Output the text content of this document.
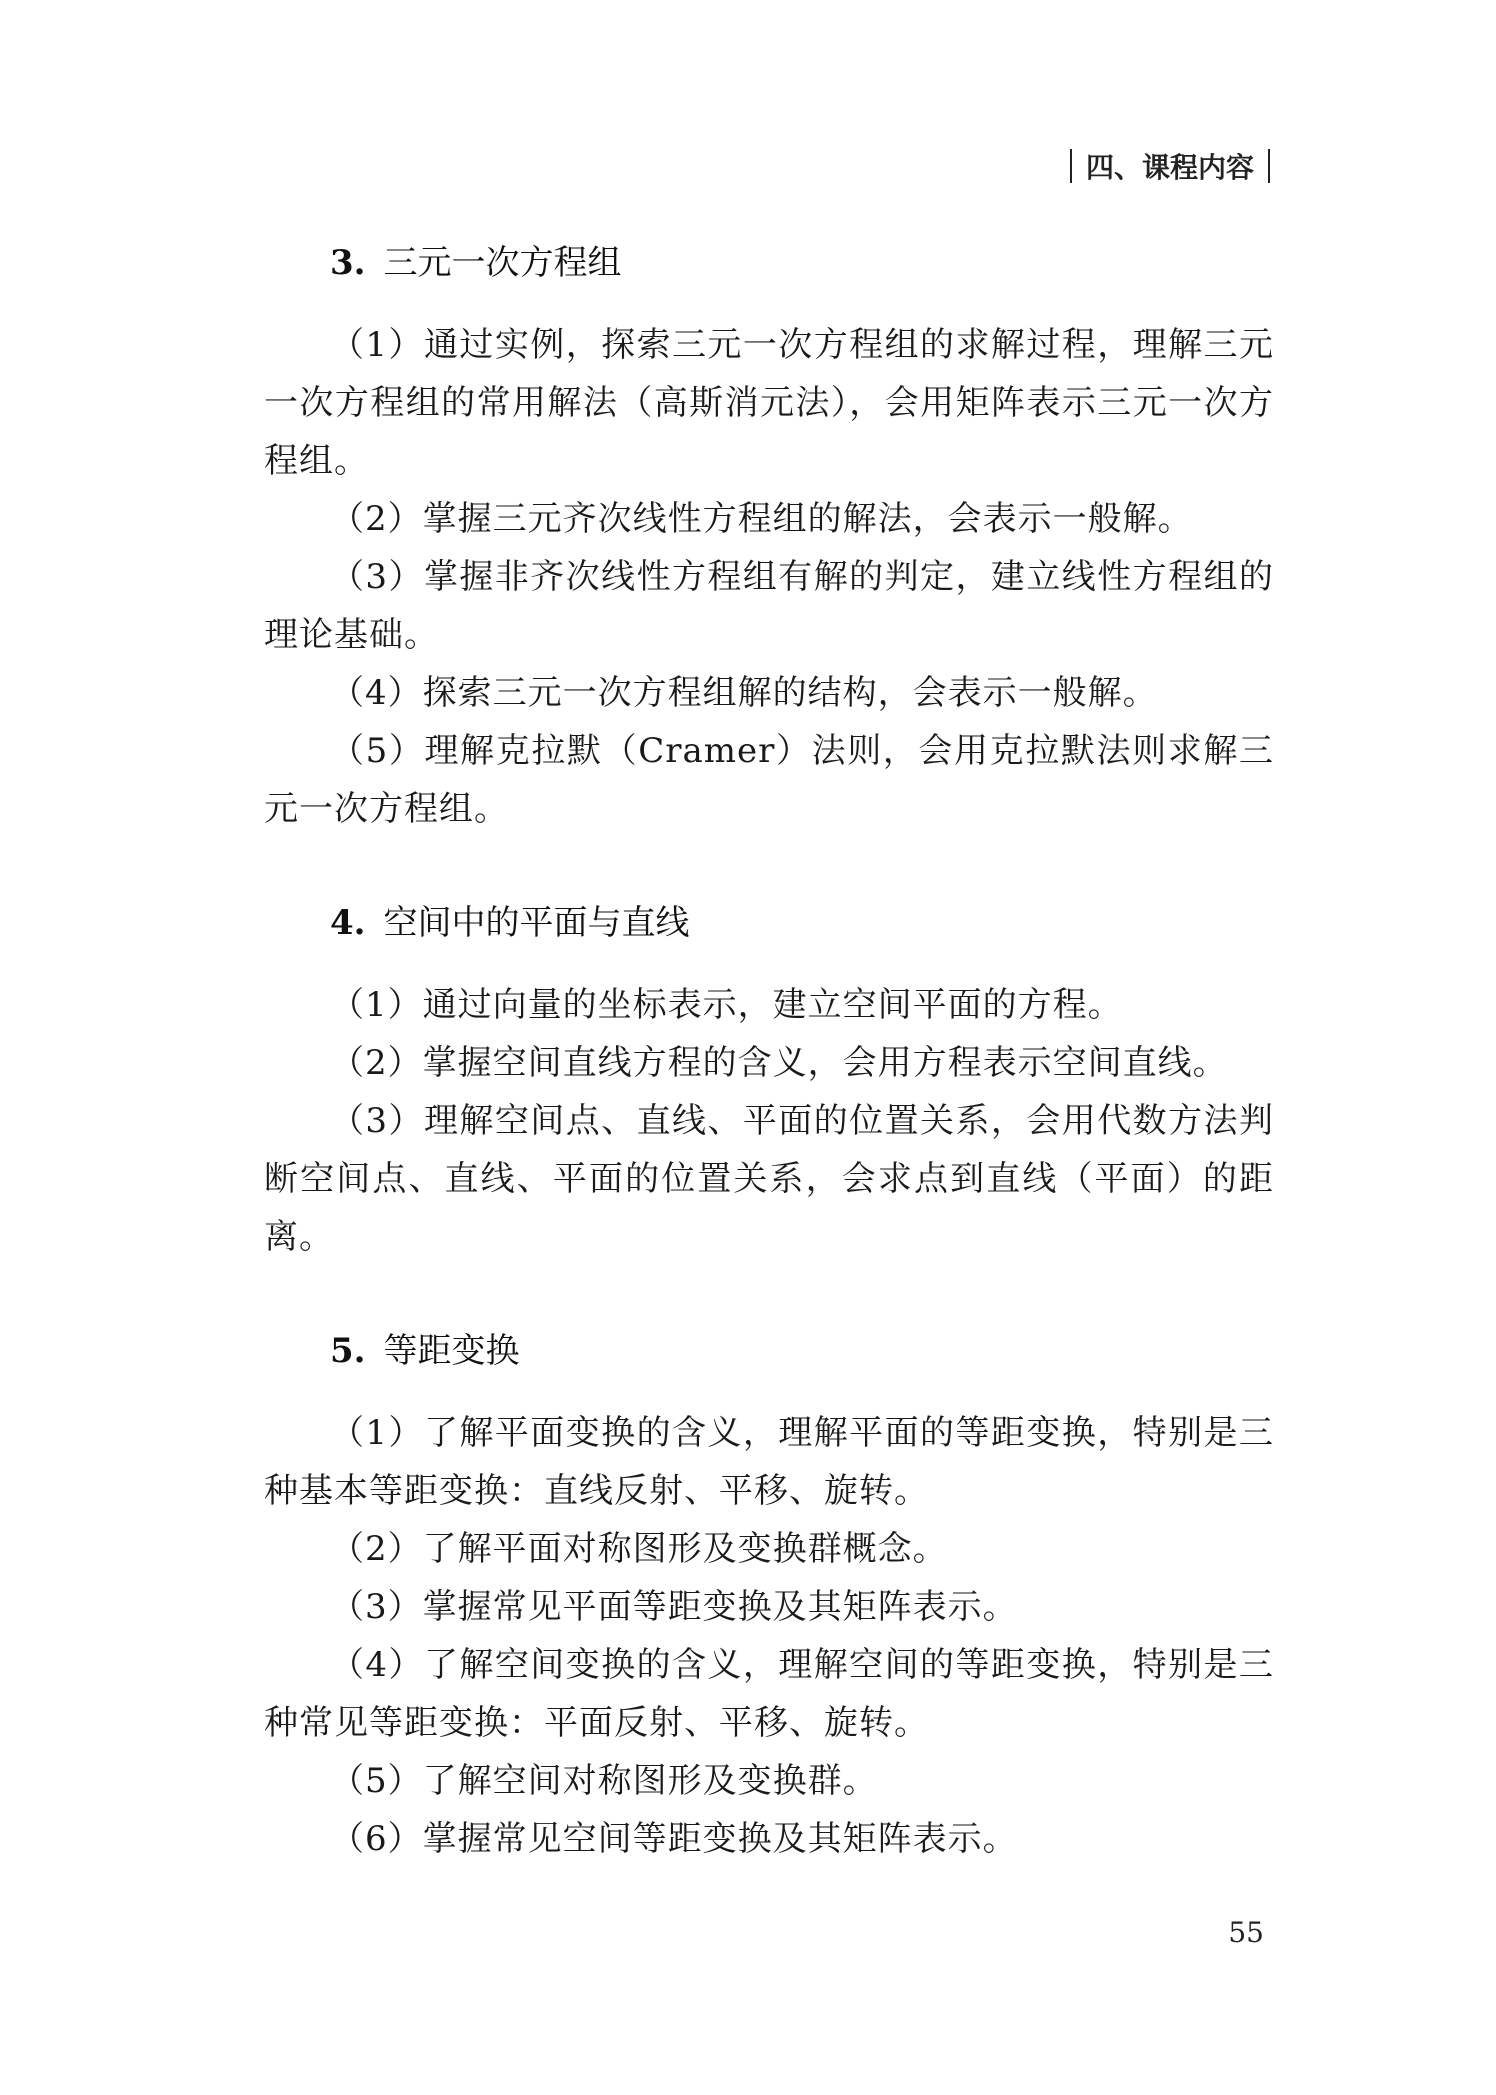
四、课程内容
3. 三元一次方程组

（1）通过实例，探索三元一次方程组的求解过程，理解三元一次方程组的常用解法（高斯消元法），会用矩阵表示三元一次方程组。

（2）掌握三元齐次线性方程组的解法，会表示一般解。

（3）掌握非齐次线性方程组有解的判定，建立线性方程组的理论基础。

（4）探索三元一次方程组解的结构，会表示一般解。

（5）理解克拉默（Cramer）法则，会用克拉默法则求解三元一次方程组。

4. 空间中的平面与直线

（1）通过向量的坐标表示，建立空间平面的方程。

（2）掌握空间直线方程的含义，会用方程表示空间直线。

（3）理解空间点、直线、平面的位置关系，会用代数方法判断空间点、直线、平面的位置关系，会求点到直线（平面）的距离。

5. 等距变换

（1）了解平面变换的含义，理解平面的等距变换，特别是三种基本等距变换：直线反射、平移、旋转。

（2）了解平面对称图形及变换群概念。

（3）掌握常见平面等距变换及其矩阵表示。

（4）了解空间变换的含义，理解空间的等距变换，特别是三种常见等距变换：平面反射、平移、旋转。

（5）了解空间对称图形及变换群。

（6）掌握常见空间等距变换及其矩阵表示。

55
